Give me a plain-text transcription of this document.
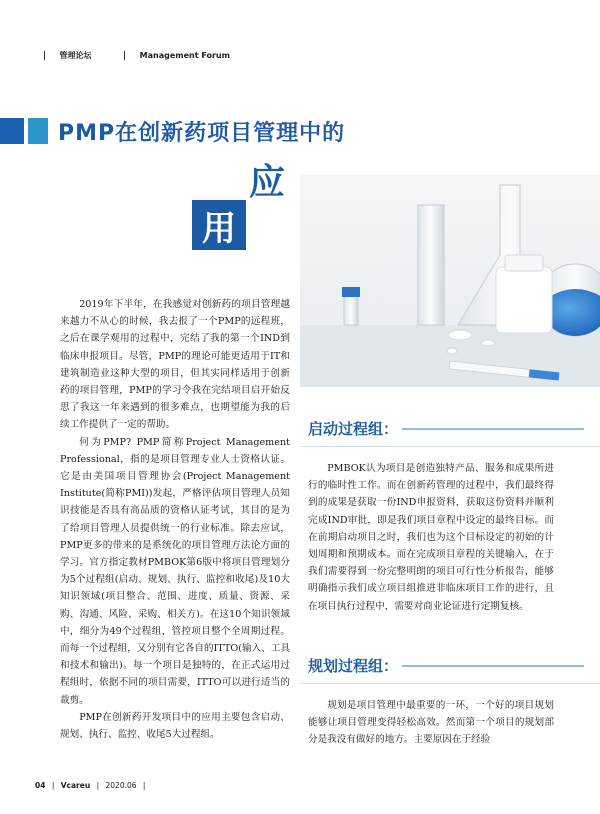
管理论坛	Management Forum
PMP在创新药项目管理中的
应
用

2019年下半年，在我感觉对创新药的项目管理越来越力不从心的时候，我去报了一个PMP的远程班，之后在课学观用的过程中，完结了我的第一个IND到临床申报项目。尽管，PMP的理论可能更适用于IT和建筑制造业这种大型的项目，但其实同样适用于创新药的项目管理，PMP的学习令我在完结项目启开始反思了我这一年来遇到的很多难点，也期望能为我的后续工作提供了一定的帮助。

何为PMP? PMP简称Project Management Professional，指的是项目管理专业人士资格认证。它是由美国项目管理协会(Project Management Institute(简称PMI))发起，严格评估项目管理人员知识技能是否具有高品质的资格认证考试，其目的是为了给项目管理人员提供统一的行业标准。除去应试，PMP更多的带来的是系统化的项目管理方法论方面的学习。官方指定教材PMBOK第6版中将项目管理划分为5个过程组(启动、规划、执行、监控和收尾)及10大知识领域(项目整合、范围、进度、质量、资源、采购、沟通、风险、采购、相关方)。在这10个知识领域中，细分为49个过程组，管控项目整个全周期过程。而每一个过程组，又分别有它各自的ITTO(输入、工具和技术和输出)。每一个项目是独特的，在正式运用过程组时，依据不同的项目需要，ITTO可以进行适当的裁剪。

PMP在创新药开发项目中的应用主要包含启动、规划、执行、监控、收尾5大过程组。

启动过程组：

PMBOK认为项目是创造独特产品、服务和成果所进行的临时性工作。而在创新药管理的过程中，我们最终得到的成果是获取一份IND申报资料，获取这份资料并顺利完成IND审批，即是我们项目章程中设定的最终目标。而在前期启动项目之时，我们也为这个目标设定的初始的计划周期和预期成本。而在完成项目章程的关键输入，在于我们需要得到一份完整明朗的项目可行性分析报告，能够明确指示我们成立项目组推进非临床项目工作的进行，且在项目执行过程中，需要对商业论证进行定期复核。

规划过程组：

规划是项目管理中最重要的一环，一个好的项目规划能够让项目管理变得轻松高效。然而第一个项目的规划部分是我没有做好的地方。主要原因在于经验

04 | Vcareu | 2020.06 |
